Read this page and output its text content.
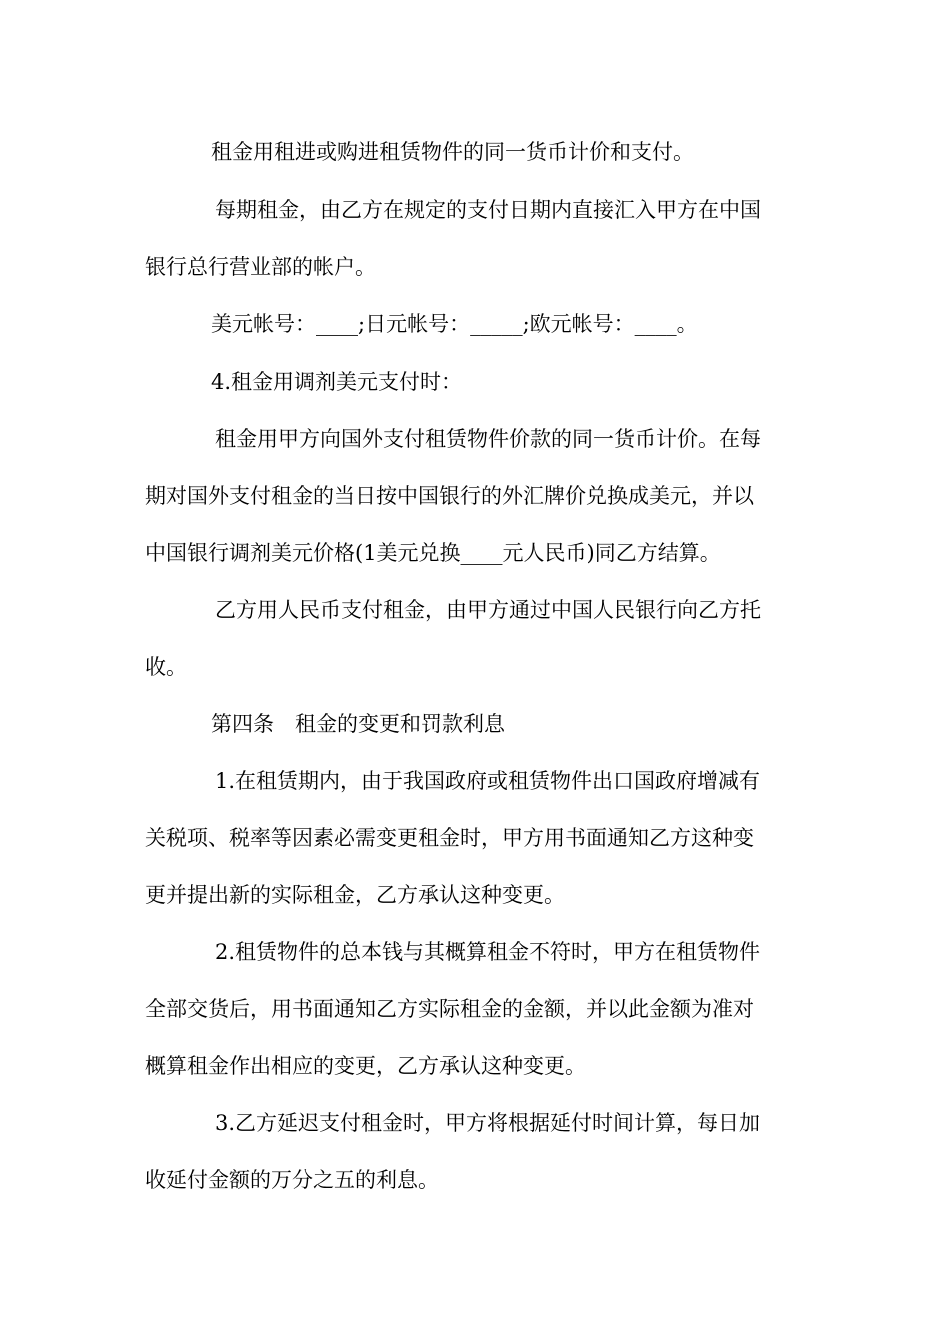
租金用租进或购进租赁物件的同一货币计价和支付。
每期租金，由乙方在规定的支付日期内直接汇入甲方在中国
银行总行营业部的帐户。
美元帐号：____;日元帐号：_____;欧元帐号：____。
4.租金用调剂美元支付时：
租金用甲方向国外支付租赁物件价款的同一货币计价。在每
期对国外支付租金的当日按中国银行的外汇牌价兑换成美元，并以
中国银行调剂美元价格(1美元兑换____元人民币)同乙方结算。
乙方用人民币支付租金，由甲方通过中国人民银行向乙方托
收。
第四条　租金的变更和罚款利息
1.在租赁期内，由于我国政府或租赁物件出口国政府增减有
关税项、税率等因素必需变更租金时，甲方用书面通知乙方这种变
更并提出新的实际租金，乙方承认这种变更。
2.租赁物件的总本钱与其概算租金不符时，甲方在租赁物件
全部交货后，用书面通知乙方实际租金的金额，并以此金额为准对
概算租金作出相应的变更，乙方承认这种变更。
3.乙方延迟支付租金时，甲方将根据延付时间计算，每日加
收延付金额的万分之五的利息。
